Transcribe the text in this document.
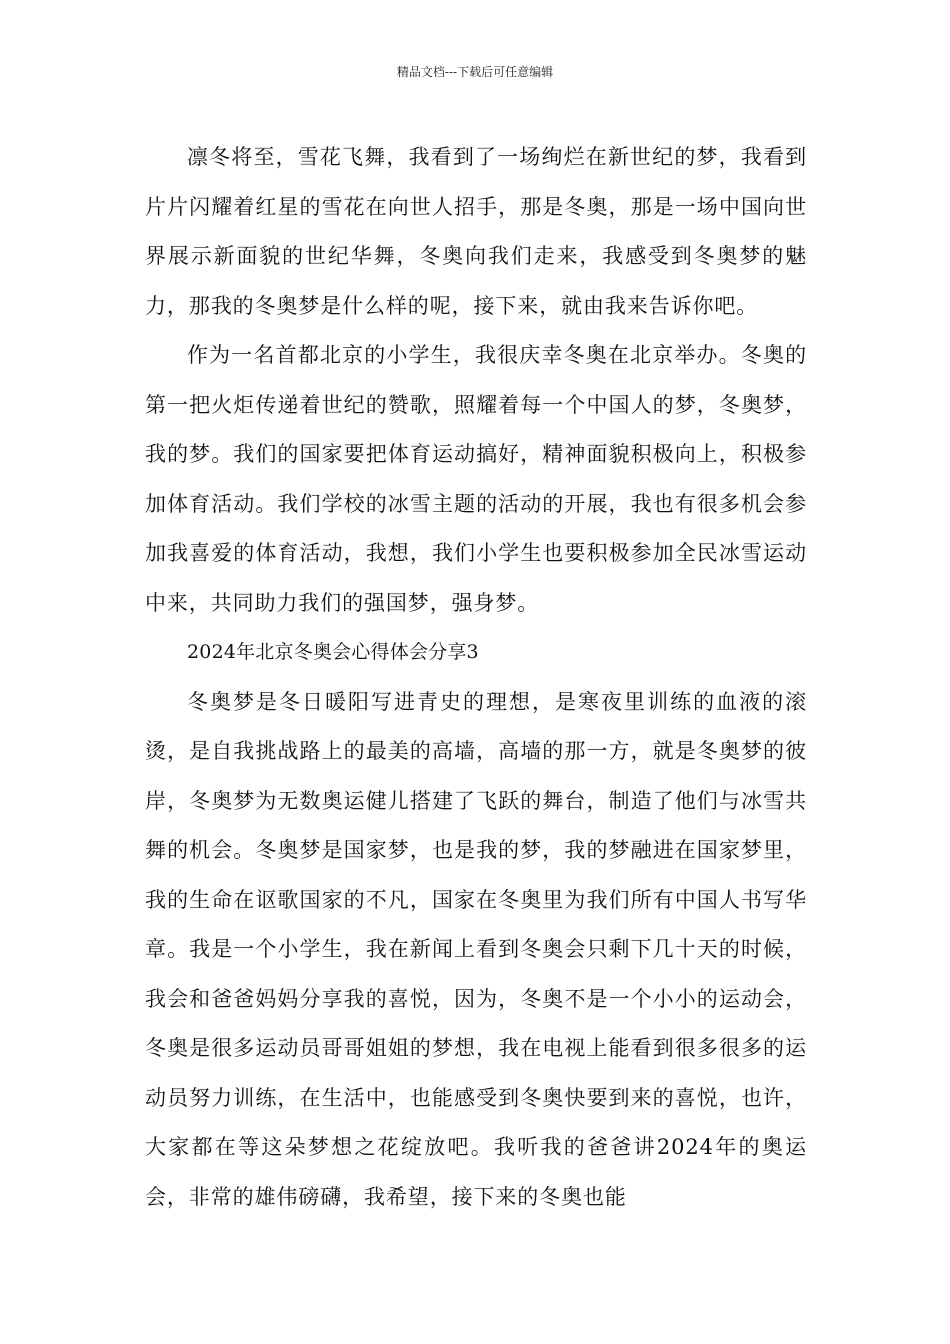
精品文档---下载后可任意编辑

凛冬将至，雪花飞舞，我看到了一场绚烂在新世纪的梦，我看到片片闪耀着红星的雪花在向世人招手，那是冬奥，那是一场中国向世界展示新面貌的世纪华舞，冬奥向我们走来，我感受到冬奥梦的魅力，那我的冬奥梦是什么样的呢，接下来，就由我来告诉你吧。

作为一名首都北京的小学生，我很庆幸冬奥在北京举办。冬奥的第一把火炬传递着世纪的赞歌，照耀着每一个中国人的梦，冬奥梦，我的梦。我们的国家要把体育运动搞好，精神面貌积极向上，积极参加体育活动。我们学校的冰雪主题的活动的开展，我也有很多机会参加我喜爱的体育活动，我想，我们小学生也要积极参加全民冰雪运动中来，共同助力我们的强国梦，强身梦。

2024年北京冬奥会心得体会分享3

冬奥梦是冬日暖阳写进青史的理想，是寒夜里训练的血液的滚烫，是自我挑战路上的最美的高墙，高墙的那一方，就是冬奥梦的彼岸，冬奥梦为无数奥运健儿搭建了飞跃的舞台，制造了他们与冰雪共舞的机会。冬奥梦是国家梦，也是我的梦，我的梦融进在国家梦里，我的生命在讴歌国家的不凡，国家在冬奥里为我们所有中国人书写华章。我是一个小学生，我在新闻上看到冬奥会只剩下几十天的时候，我会和爸爸妈妈分享我的喜悦，因为，冬奥不是一个小小的运动会，冬奥是很多运动员哥哥姐姐的梦想，我在电视上能看到很多很多的运动员努力训练，在生活中，也能感受到冬奥快要到来的喜悦，也许，大家都在等这朵梦想之花绽放吧。我听我的爸爸讲2024年的奥运会，非常的雄伟磅礴，我希望，接下来的冬奥也能
